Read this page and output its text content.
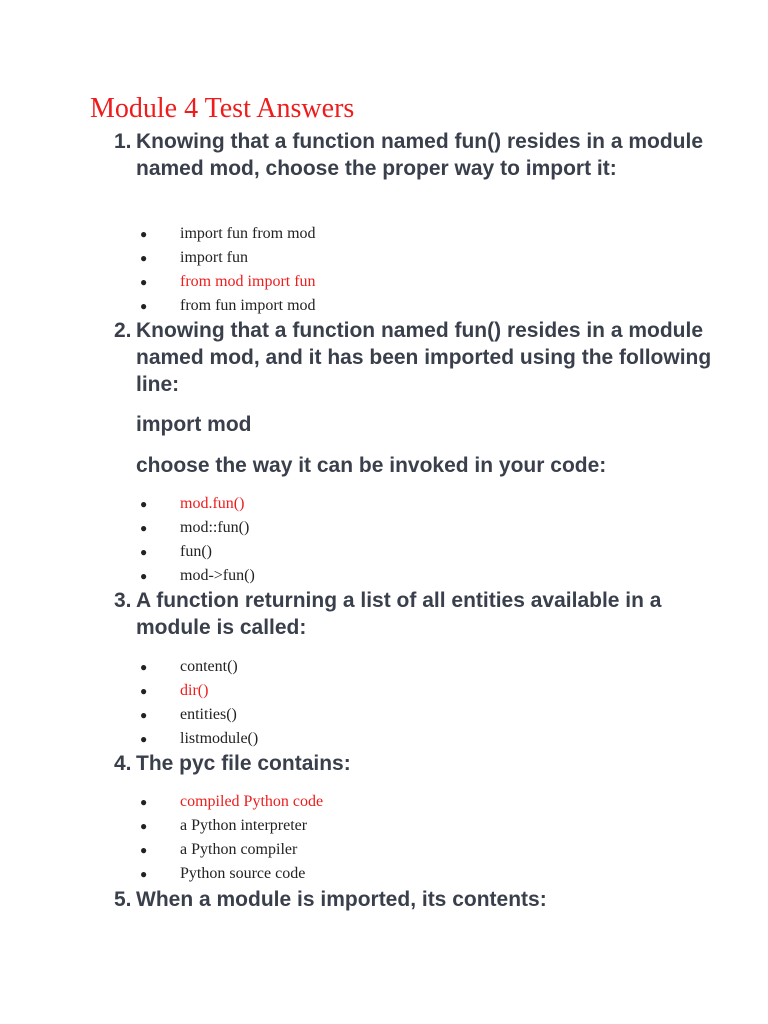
Module 4 Test Answers
1. Knowing that a function named fun() resides in a module named mod, choose the proper way to import it:
● import fun from mod
● import fun
● from mod import fun
● from fun import mod
2. Knowing that a function named fun() resides in a module named mod, and it has been imported using the following line:
import mod
choose the way it can be invoked in your code:
● mod.fun()
● mod::fun()
● fun()
● mod->fun()
3. A function returning a list of all entities available in a module is called:
● content()
● dir()
● entities()
● listmodule()
4. The pyc file contains:
● compiled Python code
● a Python interpreter
● a Python compiler
● Python source code
5. When a module is imported, its contents:
